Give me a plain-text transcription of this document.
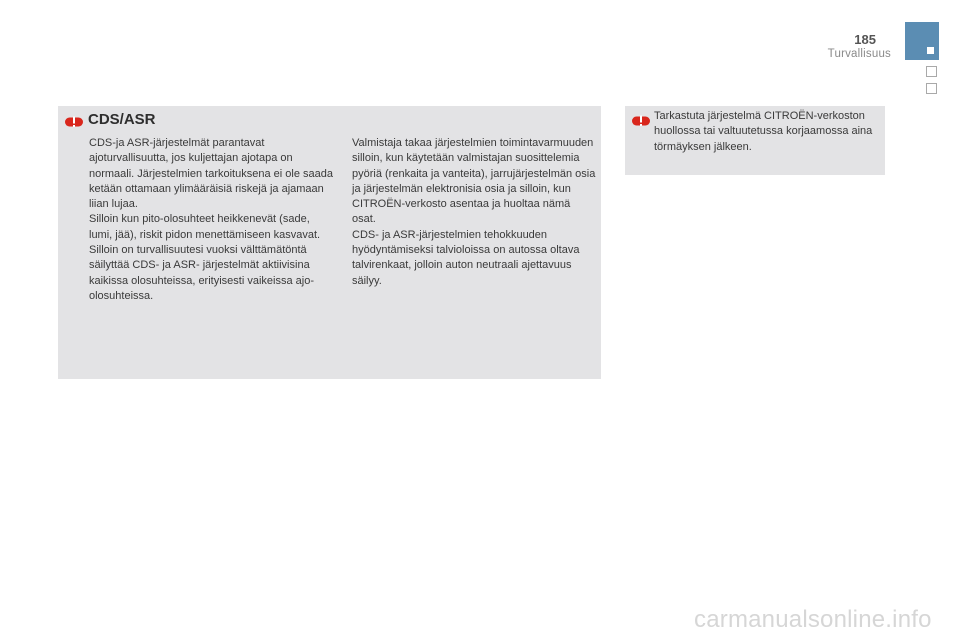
185
Turvallisuus
CDS/ASR

CDS-ja ASR-järjestelmät parantavat ajoturvallisuutta, jos kuljettajan ajotapa on normaali. Järjestelmien tarkoituksena ei ole saada ketään ottamaan ylimääräisiä riskejä ja ajamaan liian lujaa.

Silloin kun pito-olosuhteet heikkenevät (sade, lumi, jää), riskit pidon menettämiseen kasvavat. Silloin on turvallisuutesi vuoksi välttämätöntä säilyttää CDS- ja ASR- järjestelmät aktiivisina kaikissa olosuhteissa, erityisesti vaikeissa ajo-olosuhteissa.

Valmistaja takaa järjestelmien toimintavarmuuden silloin, kun käytetään valmistajan suosittelemia pyöriä (renkaita ja vanteita), jarrujärjestelmän osia ja järjestelmän elektronisia osia ja silloin, kun CITROËN-verkosto asentaa ja huoltaa nämä osat.

CDS- ja ASR-järjestelmien tehokkuuden hyödyntämiseksi talvioloissa on autossa oltava talvirenkaat, jolloin auton neutraali ajettavuus säilyy.

Tarkastuta järjestelmä CITROËN-verkoston huollossa tai valtuutetussa korjaamossa aina törmäyksen jälkeen.
carmanualsonline.info
